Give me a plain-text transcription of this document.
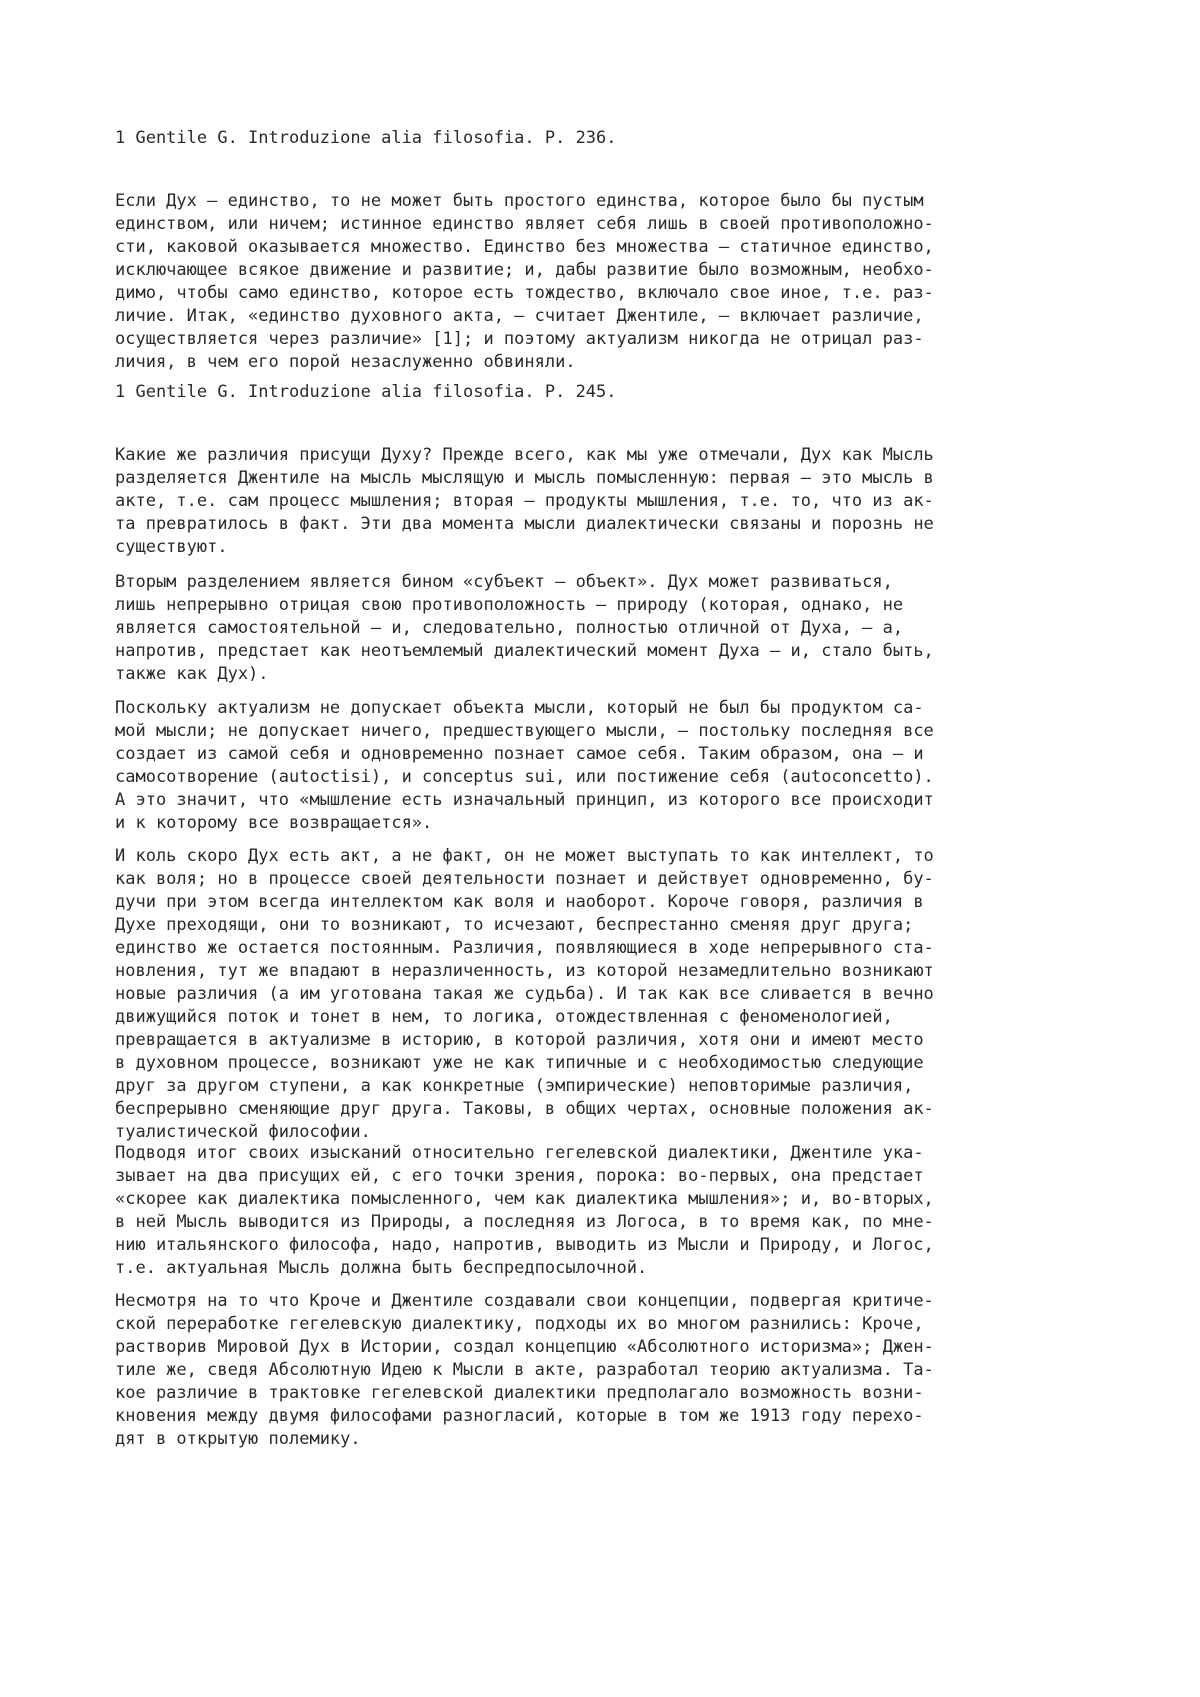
1 Gentile G. Introduzione alia filosofia. P. 236.

Если Дух — единство, то не может быть простого единства, которое было бы пустым
единством, или ничем; истинное единство являет себя лишь в своей противоположно-
сти, каковой оказывается множество. Единство без множества — статичное единство,
исключающее всякое движение и развитие; и, дабы развитие было возможным, необхо-
димо, чтобы само единство, которое есть тождество, включало свое иное, т.е. раз-
личие. Итак, «единство духовного акта, — считает Джентиле, — включает различие,
осуществляется через различие» [1]; и поэтому актуализм никогда не отрицал раз-
личия, в чем его порой незаслуженно обвиняли.

1 Gentile G. Introduzione alia filosofia. P. 245.

Какие же различия присущи Духу? Прежде всего, как мы уже отмечали, Дух как Мысль
разделяется Джентиле на мысль мыслящую и мысль помысленную: первая — это мысль в
акте, т.е. сам процесс мышления; вторая — продукты мышления, т.е. то, что из ак-
та превратилось в факт. Эти два момента мысли диалектически связаны и порознь не
существуют.

Вторым разделением является бином «субъект — объект». Дух может развиваться,
лишь непрерывно отрицая свою противоположность — природу (которая, однако, не
является самостоятельной — и, следовательно, полностью отличной от Духа, — а,
напротив, предстает как неотъемлемый диалектический момент Духа — и, стало быть,
также как Дух).

Поскольку актуализм не допускает объекта мысли, который не был бы продуктом са-
мой мысли; не допускает ничего, предшествующего мысли, — постольку последняя все
создает из самой себя и одновременно познает самое себя. Таким образом, она — и
самосотворение (autoctisi), и conceptus sui, или постижение себя (autoconcetto).
А это значит, что «мышление есть изначальный принцип, из которого все происходит
и к которому все возвращается».

И коль скоро Дух есть акт, а не факт, он не может выступать то как интеллект, то
как воля; но в процессе своей деятельности познает и действует одновременно, бу-
дучи при этом всегда интеллектом как воля и наоборот. Короче говоря, различия в
Духе преходящи, они то возникают, то исчезают, беспрестанно сменяя друг друга;
единство же остается постоянным. Различия, появляющиеся в ходе непрерывного ста-
новления, тут же впадают в неразличенность, из которой незамедлительно возникают
новые различия (а им уготована такая же судьба). И так как все сливается в вечно
движущийся поток и тонет в нем, то логика, отождествленная с феноменологией,
превращается в актуализме в историю, в которой различия, хотя они и имеют место
в духовном процессе, возникают уже не как типичные и с необходимостью следующие
друг за другом ступени, а как конкретные (эмпирические) неповторимые различия,
беспрерывно сменяющие друг друга. Таковы, в общих чертах, основные положения ак-
туалистической философии.

Подводя итог своих изысканий относительно гегелевской диалектики, Джентиле ука-
зывает на два присущих ей, с его точки зрения, порока: во-первых, она предстает
«скорее как диалектика помысленного, чем как диалектика мышления»; и, во-вторых,
в ней Мысль выводится из Природы, а последняя из Логоса, в то время как, по мне-
нию итальянского философа, надо, напротив, выводить из Мысли и Природу, и Логос,
т.е. актуальная Мысль должна быть беспредпосылочной.

Несмотря на то что Кроче и Джентиле создавали свои концепции, подвергая критиче-
ской переработке гегелевскую диалектику, подходы их во многом разнились: Кроче,
растворив Мировой Дух в Истории, создал концепцию «Абсолютного историзма»; Джен-
тиле же, сведя Абсолютную Идею к Мысли в акте, разработал теорию актуализма. Та-
кое различие в трактовке гегелевской диалектики предполагало возможность возни-
кновения между двумя философами разногласий, которые в том же 1913 году перехо-
дят в открытую полемику.
